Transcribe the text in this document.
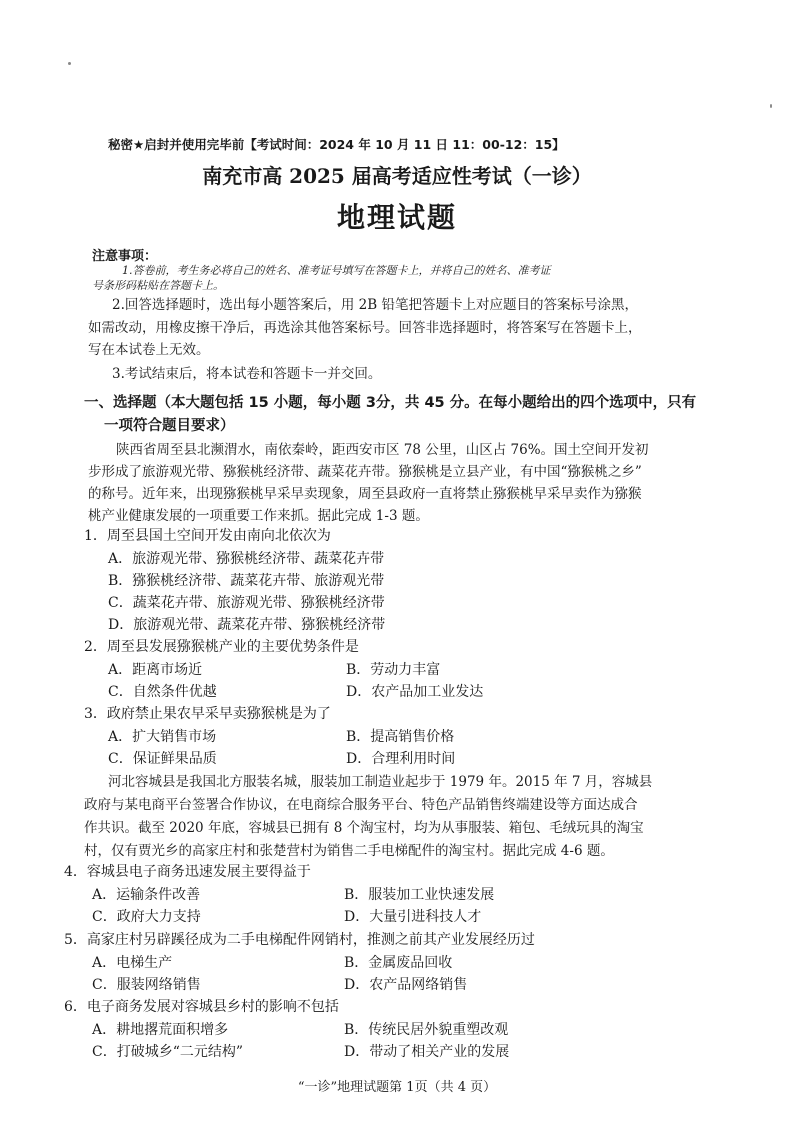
秘密★启封并使用完毕前【考试时间：2024 年 10 月 11 日 11：00-12：15】
南充市高 2025 届高考适应性考试（一诊）
地理试题
注意事项：
1.答卷前，考生务必将自己的姓名、准考证号填写在答题卡上，并将自己的姓名、准考证
号条形码粘贴在答题卡上。
2.回答选择题时，选出每小题答案后，用 2B 铅笔把答题卡上对应题目的答案标号涂黑，
如需改动，用橡皮擦干净后，再选涂其他答案标号。回答非选择题时，将答案写在答题卡上，
写在本试卷上无效。
3.考试结束后，将本试卷和答题卡一并交回。
一、选择题（本大题包括 15 小题，每小题 3分，共 45 分。在每小题给出的四个选项中，只有
一项符合题目要求）
陕西省周至县北濒渭水，南依秦岭，距西安市区 78 公里，山区占 76%。国土空间开发初
步形成了旅游观光带、猕猴桃经济带、蔬菜花卉带。猕猴桃是立县产业，有中国“猕猴桃之乡”
的称号。近年来，出现猕猴桃早采早卖现象，周至县政府一直将禁止猕猴桃早采早卖作为猕猴
桃产业健康发展的一项重要工作来抓。据此完成 1-3 题。
1．周至县国土空间开发由南向北依次为
A．旅游观光带、猕猴桃经济带、蔬菜花卉带
B．猕猴桃经济带、蔬菜花卉带、旅游观光带
C．蔬菜花卉带、旅游观光带、猕猴桃经济带
D．旅游观光带、蔬菜花卉带、猕猴桃经济带
2．周至县发展猕猴桃产业的主要优势条件是
A．距离市场近	B．劳动力丰富
C．自然条件优越	D．农产品加工业发达
3．政府禁止果农早采早卖猕猴桃是为了
A．扩大销售市场	B．提高销售价格
C．保证鲜果品质	D．合理利用时间
河北容城县是我国北方服装名城，服装加工制造业起步于 1979 年。2015 年 7 月，容城县
政府与某电商平台签署合作协议，在电商综合服务平台、特色产品销售终端建设等方面达成合
作共识。截至 2020 年底，容城县已拥有 8 个淘宝村，均为从事服装、箱包、毛绒玩具的淘宝
村，仅有贾光乡的高家庄村和张楚营村为销售二手电梯配件的淘宝村。据此完成 4-6 题。
4．容城县电子商务迅速发展主要得益于
A．运输条件改善	B．服装加工业快速发展
C．政府大力支持	D．大量引进科技人才
5．高家庄村另辟蹊径成为二手电梯配件网销村，推测之前其产业发展经历过
A．电梯生产	B．金属废品回收
C．服装网络销售	D．农产品网络销售
6．电子商务发展对容城县乡村的影响不包括
A．耕地撂荒面积增多	B．传统民居外貌重塑改观
C．打破城乡“二元结构”	D．带动了相关产业的发展
“一诊”地理试题第 1页（共 4 页）
